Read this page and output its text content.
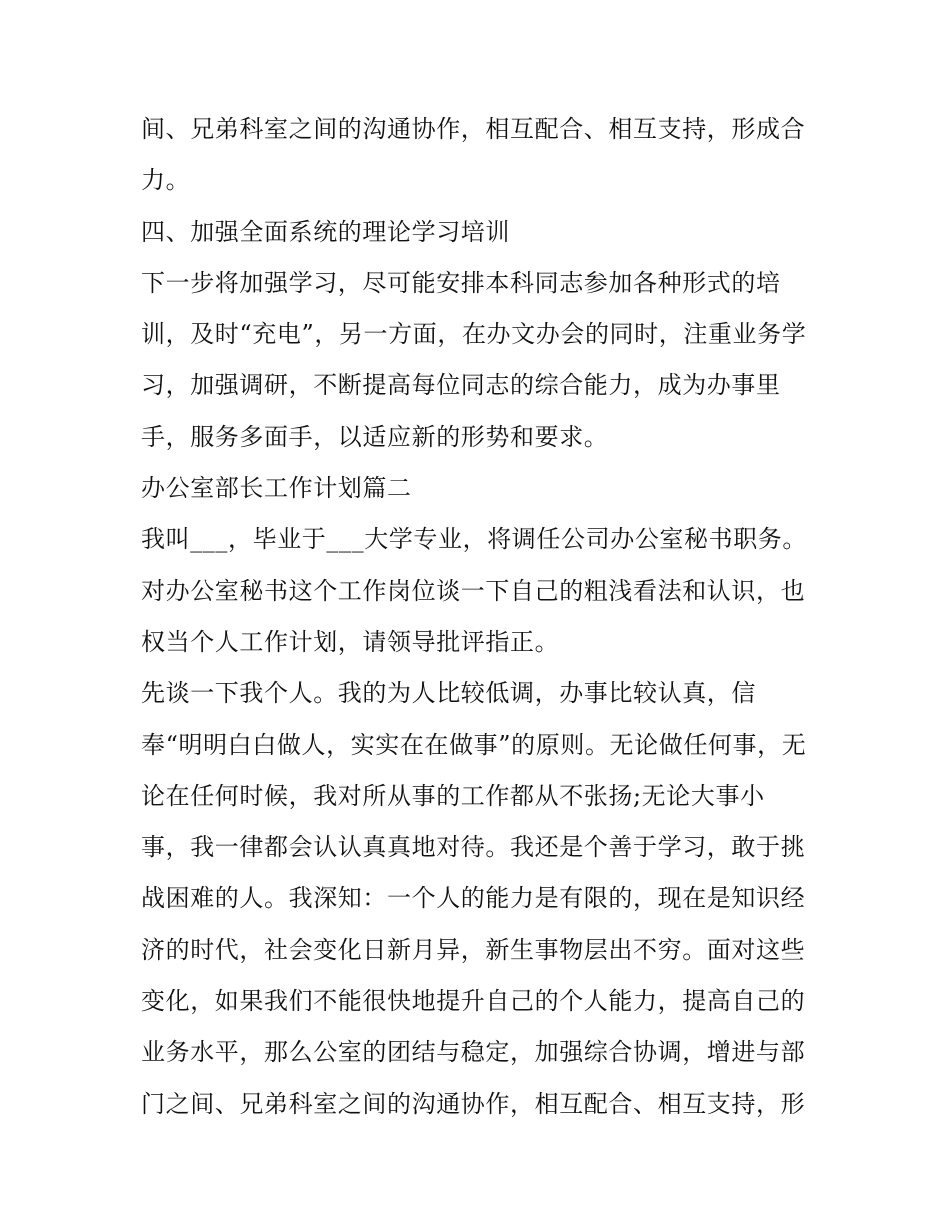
间、兄弟科室之间的沟通协作，相互配合、相互支持，形成合
力。
四、加强全面系统的理论学习培训
下一步将加强学习，尽可能安排本科同志参加各种形式的培
训，及时“充电”，另一方面，在办文办会的同时，注重业务学
习，加强调研，不断提高每位同志的综合能力，成为办事里
手，服务多面手，以适应新的形势和要求。
办公室部长工作计划篇二
我叫___，毕业于___大学专业，将调任公司办公室秘书职务。
对办公室秘书这个工作岗位谈一下自己的粗浅看法和认识，也
权当个人工作计划，请领导批评指正。
先谈一下我个人。我的为人比较低调，办事比较认真，信
奉“明明白白做人，实实在在做事”的原则。无论做任何事，无
论在任何时候，我对所从事的工作都从不张扬;无论大事小
事，我一律都会认认真真地对待。我还是个善于学习，敢于挑
战困难的人。我深知：一个人的能力是有限的，现在是知识经
济的时代，社会变化日新月异，新生事物层出不穷。面对这些
变化，如果我们不能很快地提升自己的个人能力，提高自己的
业务水平，那么公室的团结与稳定，加强综合协调，增进与部
门之间、兄弟科室之间的沟通协作，相互配合、相互支持，形
